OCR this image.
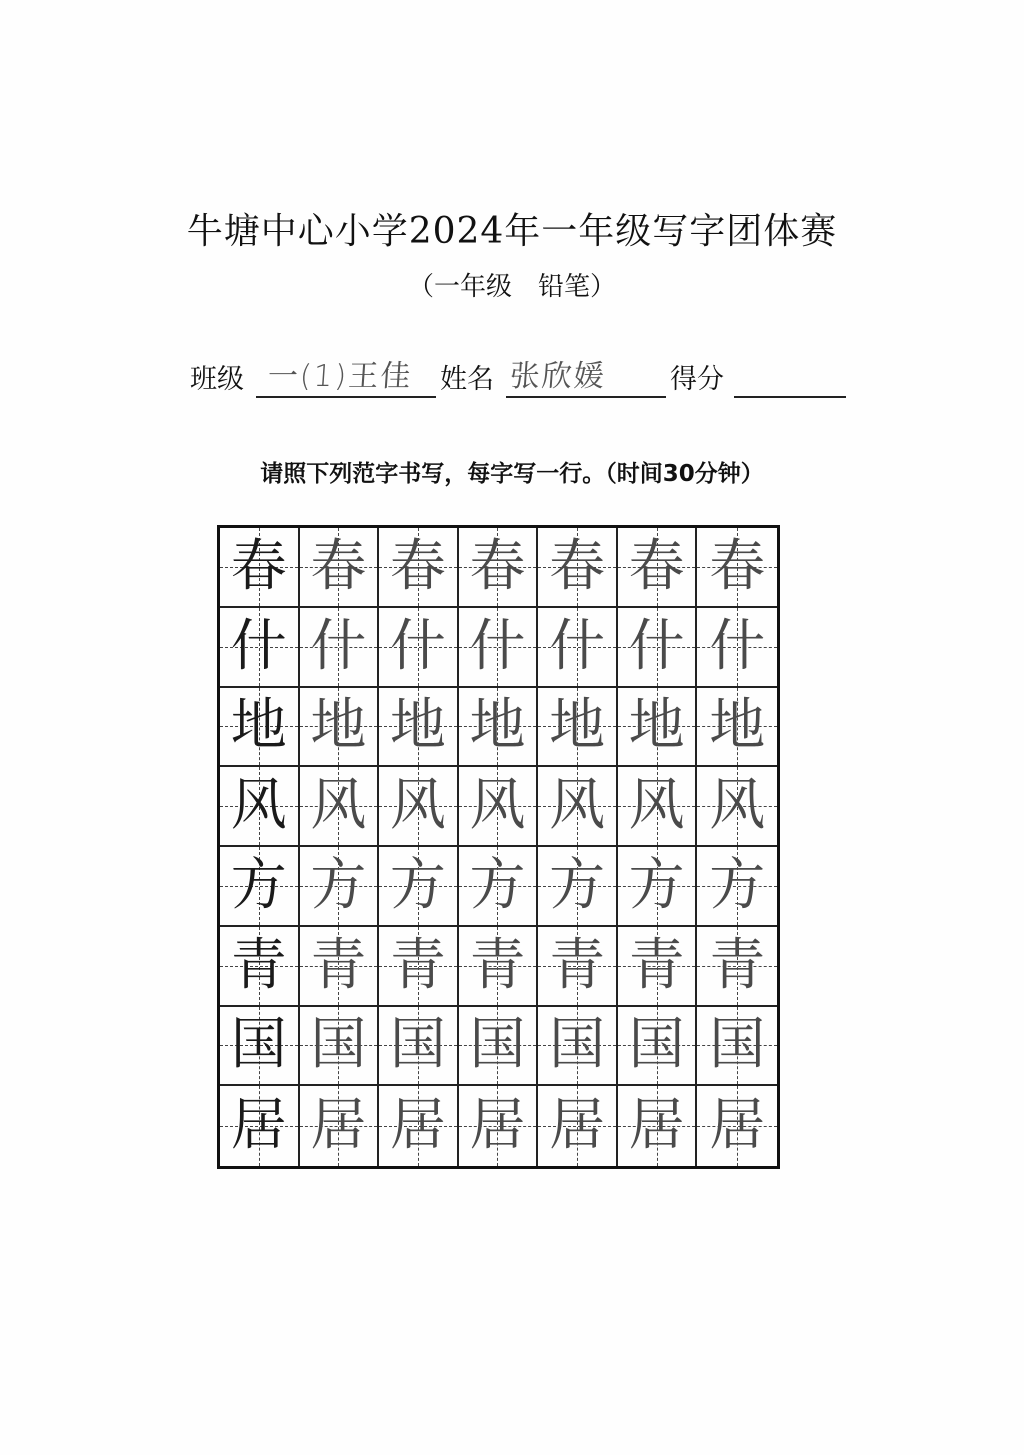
牛塘中心小学2024年一年级写字团体赛
（一年级　铅笔）
班级 一(1)王佳 姓名 张欣媛 得分
请照下列范字书写，每字写一行。（时间30分钟）
春 春 春 春 春 春 春
什 什 什 什 什 什 什
地 地 地 地 地 地 地
风 风 风 风 风 风 风
方 方 方 方 方 方 方
青 青 青 青 青 青 青
国 国 国 国 国 国 国
居 居 居 居 居 居 居
